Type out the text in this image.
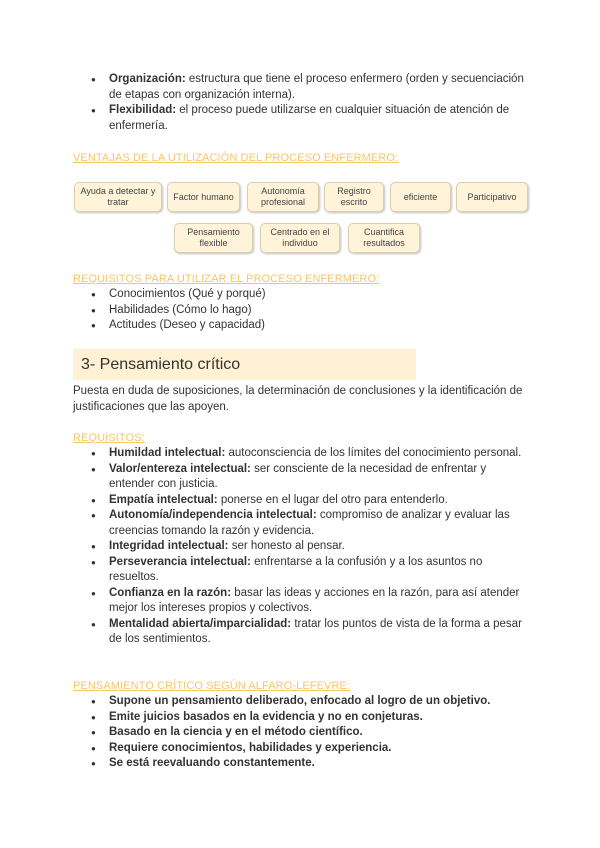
● Organización: estructura que tiene el proceso enfermero (orden y secuenciación de etapas con organización interna).
● Flexibilidad: el proceso puede utilizarse en cualquier situación de atención de enfermería.
VENTAJAS DE LA UTILIZACIÓN DEL PROCESO ENFERMERO:
Ayuda a detectar y tratar
Factor humano
Autonomía profesional
Registro escrito
eficiente	Participativo
Pensamiento flexible
Centrado en el individuo
Cuantifica resultados
REQUISITOS PARA UTILIZAR EL PROCESO ENFERMERO:
● Conocimientos (Qué y porqué)
● Habilidades (Cómo lo hago)
● Actitudes (Deseo y capacidad)
3- Pensamiento crítico
Puesta en duda de suposiciones, la determinación de conclusiones y la identificación de justificaciones que las apoyen.
REQUISITOS:
● Humildad intelectual: autoconsciencia de los límites del conocimiento personal.
● Valor/entereza intelectual: ser consciente de la necesidad de enfrentar y entender con justicia.
● Empatía intelectual: ponerse en el lugar del otro para entenderlo.
● Autonomía/independencia intelectual: compromiso de analizar y evaluar las creencias tomando la razón y evidencia.
● Integridad intelectual: ser honesto al pensar.
● Perseverancia intelectual: enfrentarse a la confusión y a los asuntos no resueltos.
● Confianza en la razón: basar las ideas y acciones en la razón, para así atender mejor los intereses propios y colectivos.
● Mentalidad abierta/imparcialidad: tratar los puntos de vista de la forma a pesar de los sentimientos.
PENSAMIENTO CRÍTICO SEGÚN ALFARO-LEFEVRE:
● Supone un pensamiento deliberado, enfocado al logro de un objetivo.
● Emite juicios basados en la evidencia y no en conjeturas.
● Basado en la ciencia y en el método científico.
● Requiere conocimientos, habilidades y experiencia.
● Se está reevaluando constantemente.
